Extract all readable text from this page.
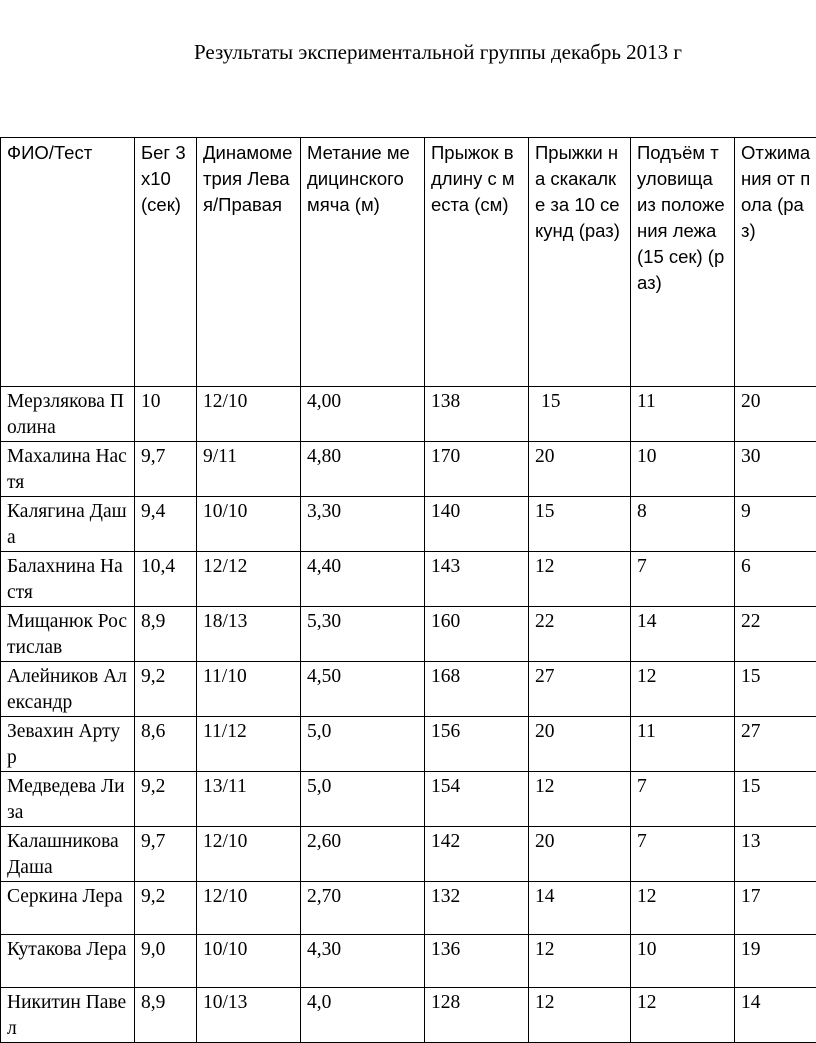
Результаты экспериментальной группы декабрь 2013 г
ФИО/Тест	Бег 3х10 (сек)	Динамометрия Левая/Правая	Метание медицинского мяча (м)	Прыжок в длину с места (см)	Прыжки на скакалке за 10 секунд (раз)	Подъём туловища из положения лежа(15 сек) (раз)	Отжимания от пола (раз)
Мерзлякова Полина	10	12/10	4,00	138	15	11	20
Махалина Настя	9,7	9/11	4,80	170	20	10	30
Калягина Даша	9,4	10/10	3,30	140	15	8	9
Балахнина Настя	10,4	12/12	4,40	143	12	7	6
Мищанюк Ростислав	8,9	18/13	5,30	160	22	14	22
Алейников Александр	9,2	11/10	4,50	168	27	12	15
Зевахин Артур	8,6	11/12	5,0	156	20	11	27
Медведева Лиза	9,2	13/11	5,0	154	12	7	15
Калашникова Даша	9,7	12/10	2,60	142	20	7	13
Серкина Лера	9,2	12/10	2,70	132	14	12	17
Кутакова Лера	9,0	10/10	4,30	136	12	10	19
Никитин Павел	8,9	10/13	4,0	128	12	12	14
